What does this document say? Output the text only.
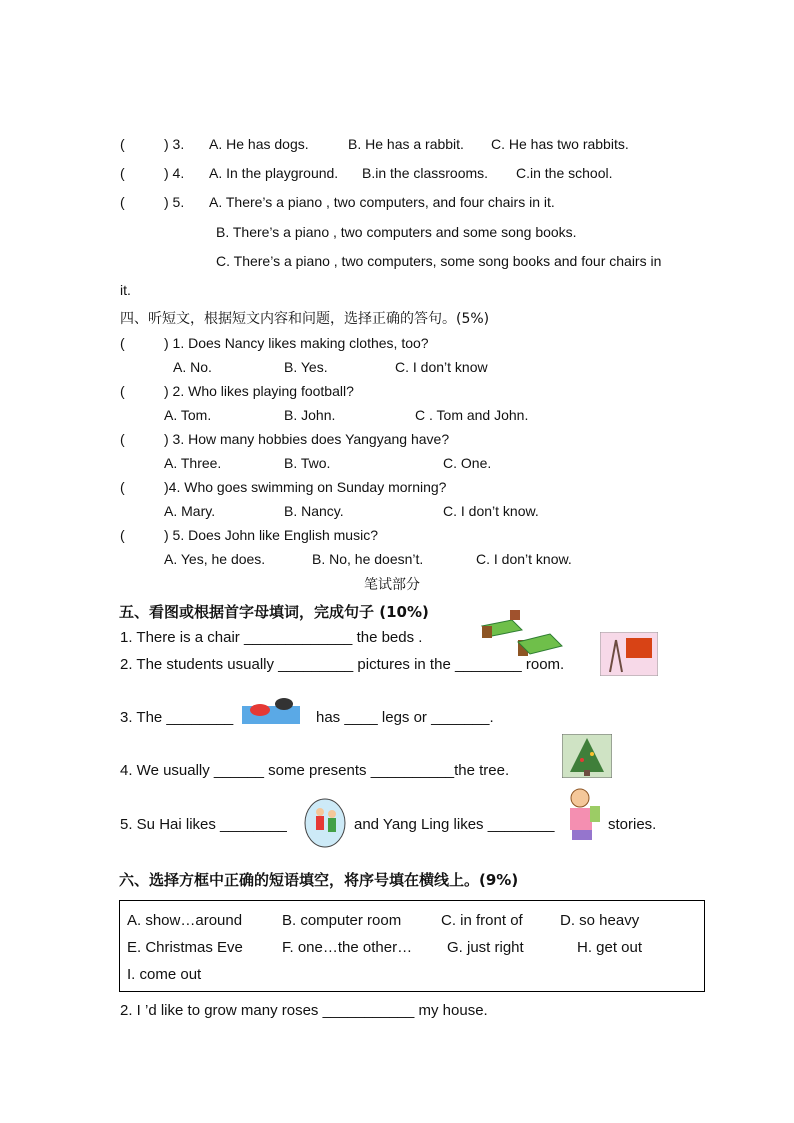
(	) 3. A. He has dogs.	B. He has a rabbit. C. He has two rabbits.
(	) 4. A. In the playground. B.in the classrooms. C.in the school.
(	) 5. A. There’s a piano , two computers, and four chairs in it.
B. There’s a piano , two computers and some song books.
C. There’s a piano , two computers, some song books and four chairs in
it.
四、听短文，根据短文内容和问题，选择正确的答句。(5%)
(	) 1. Does Nancy likes making clothes, too?
A. No.	B. Yes.	C. I don’t know
(	) 2. Who likes playing football?
A. Tom.	B. John.	C . Tom and John.
(	) 3. How many hobbies does Yangyang have?
A. Three.	B. Two.	C. One.
(	)4. Who goes swimming on Sunday morning?
A. Mary.	B. Nancy.	C. I don’t know.
(	) 5. Does John like English music?
A. Yes, he does.	B. No, he doesn’t.	C. I don’t know.
笔试部分
五、看图或根据首字母填词，完成句子 (10%)
1. There is a chair _____________ the beds .
2. The students usually _________ pictures in the ________ room.
3. The ________	has ____ legs or _______.
4. We usually ______ some presents __________the tree.
5. Su Hai likes ________	and Yang Ling likes ________	stories.
六、选择方框中正确的短语填空，将序号填在横线上。(9%)
A. show…around	B. computer room	C. in front of D. so heavy
E. Christmas Eve	F. one…the other… G. just right	H. get out
I. come out
2. I ’d like to grow many roses ___________ my house.
